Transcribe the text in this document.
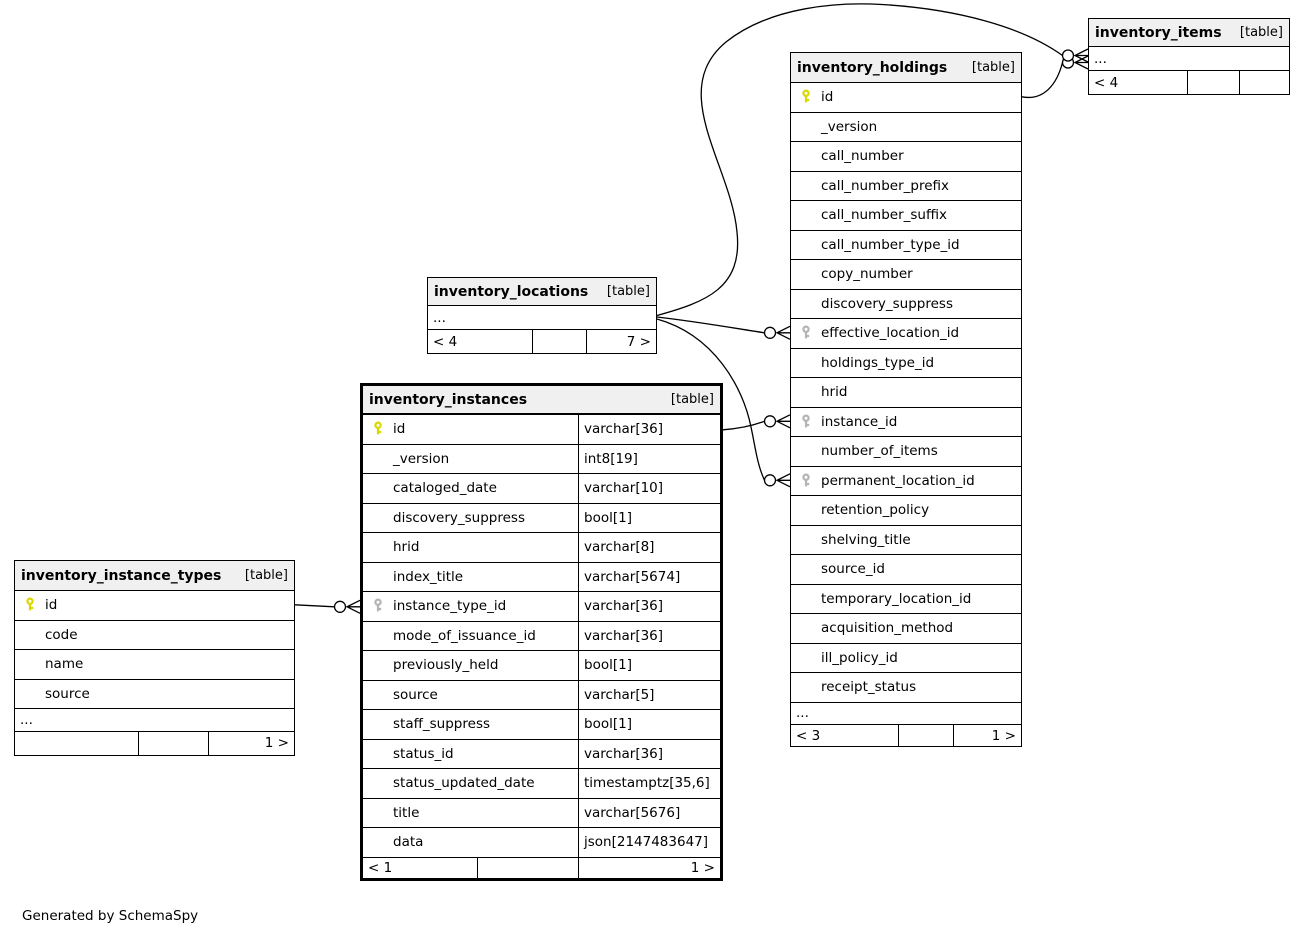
inventory_items	[table]
...
< 4
inventory_holdings	[table]
id
_version
call_number
call_number_prefix
call_number_suffix
call_number_type_id
copy_number
discovery_suppress
effective_location_id
holdings_type_id
hrid
instance_id
number_of_items
permanent_location_id
retention_policy
shelving_title
source_id
temporary_location_id
acquisition_method
ill_policy_id
receipt_status
...
< 3	1 >
inventory_locations	[table]
...
< 4	7 >
inventory_instances	[table]
id	varchar[36]
_version	int8[19]
cataloged_date	varchar[10]
discovery_suppress	bool[1]
hrid	varchar[8]
index_title	varchar[5674]
instance_type_id	varchar[36]
mode_of_issuance_id	varchar[36]
previously_held	bool[1]
source	varchar[5]
staff_suppress	bool[1]
status_id	varchar[36]
status_updated_date	timestamptz[35,6]
title	varchar[5676]
data	json[2147483647]
< 1	1 >
inventory_instance_types	[table]
id
code
name
source
...
1 >
Generated by SchemaSpy
